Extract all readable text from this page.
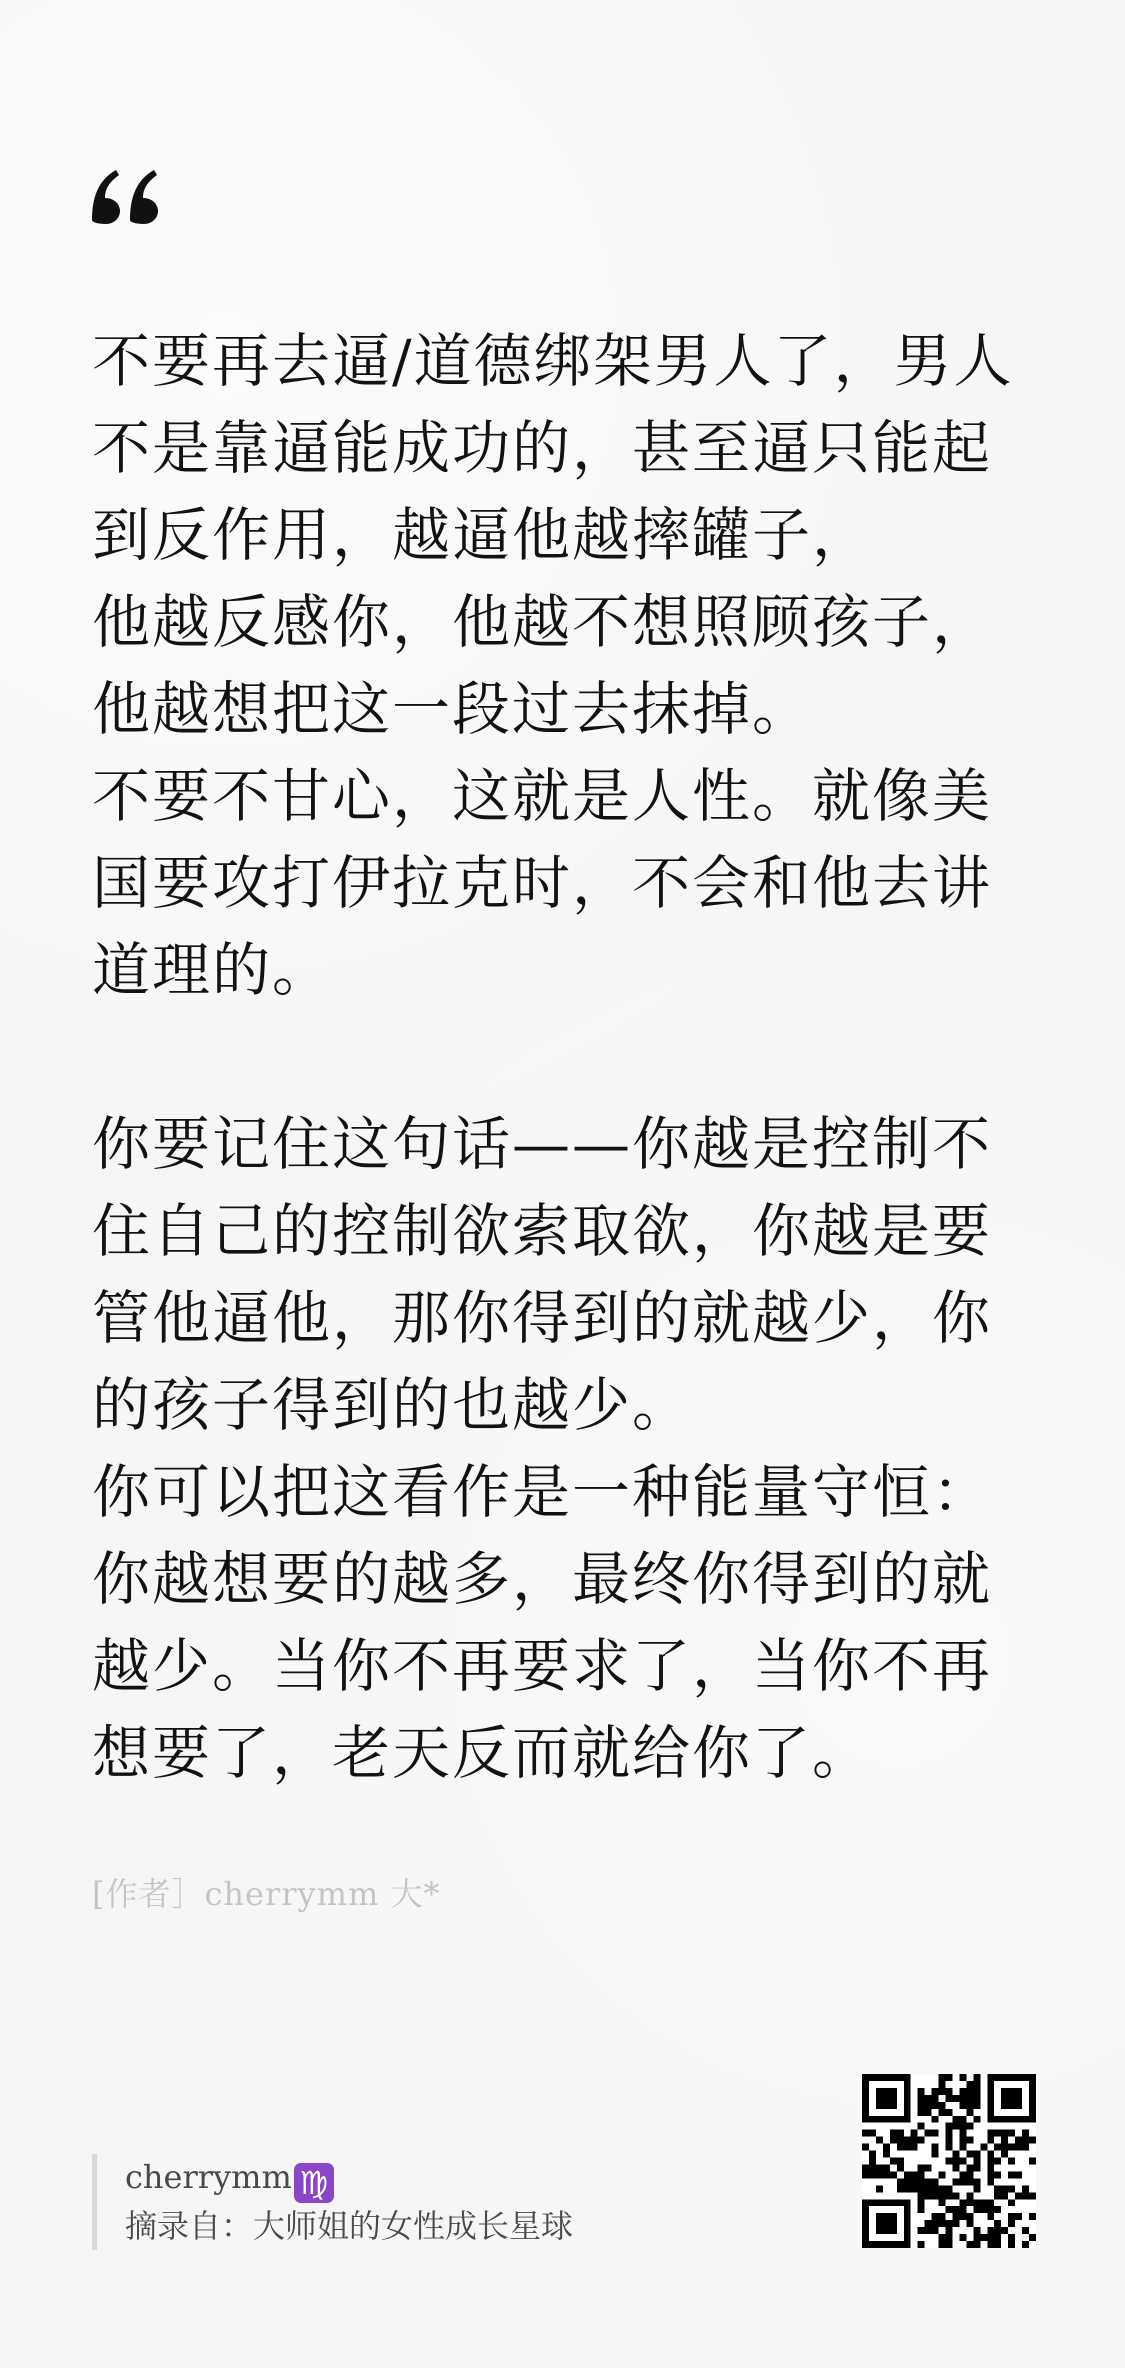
不要再去逼/道德绑架男人了，男人
不是靠逼能成功的，甚至逼只能起
到反作用，越逼他越摔罐子，
他越反感你，他越不想照顾孩子，
他越想把这一段过去抹掉。
不要不甘心，这就是人性。就像美
国要攻打伊拉克时，不会和他去讲
道理的。
你要记住这句话——你越是控制不
住自己的控制欲索取欲，你越是要
管他逼他，那你得到的就越少，你
的孩子得到的也越少。
你可以把这看作是一种能量守恒：
你越想要的越多，最终你得到的就
越少。当你不再要求了，当你不再
想要了，老天反而就给你了。
[作者］cherrymm 大*
cherrymm ♍
摘录自：大师姐的女性成长星球
